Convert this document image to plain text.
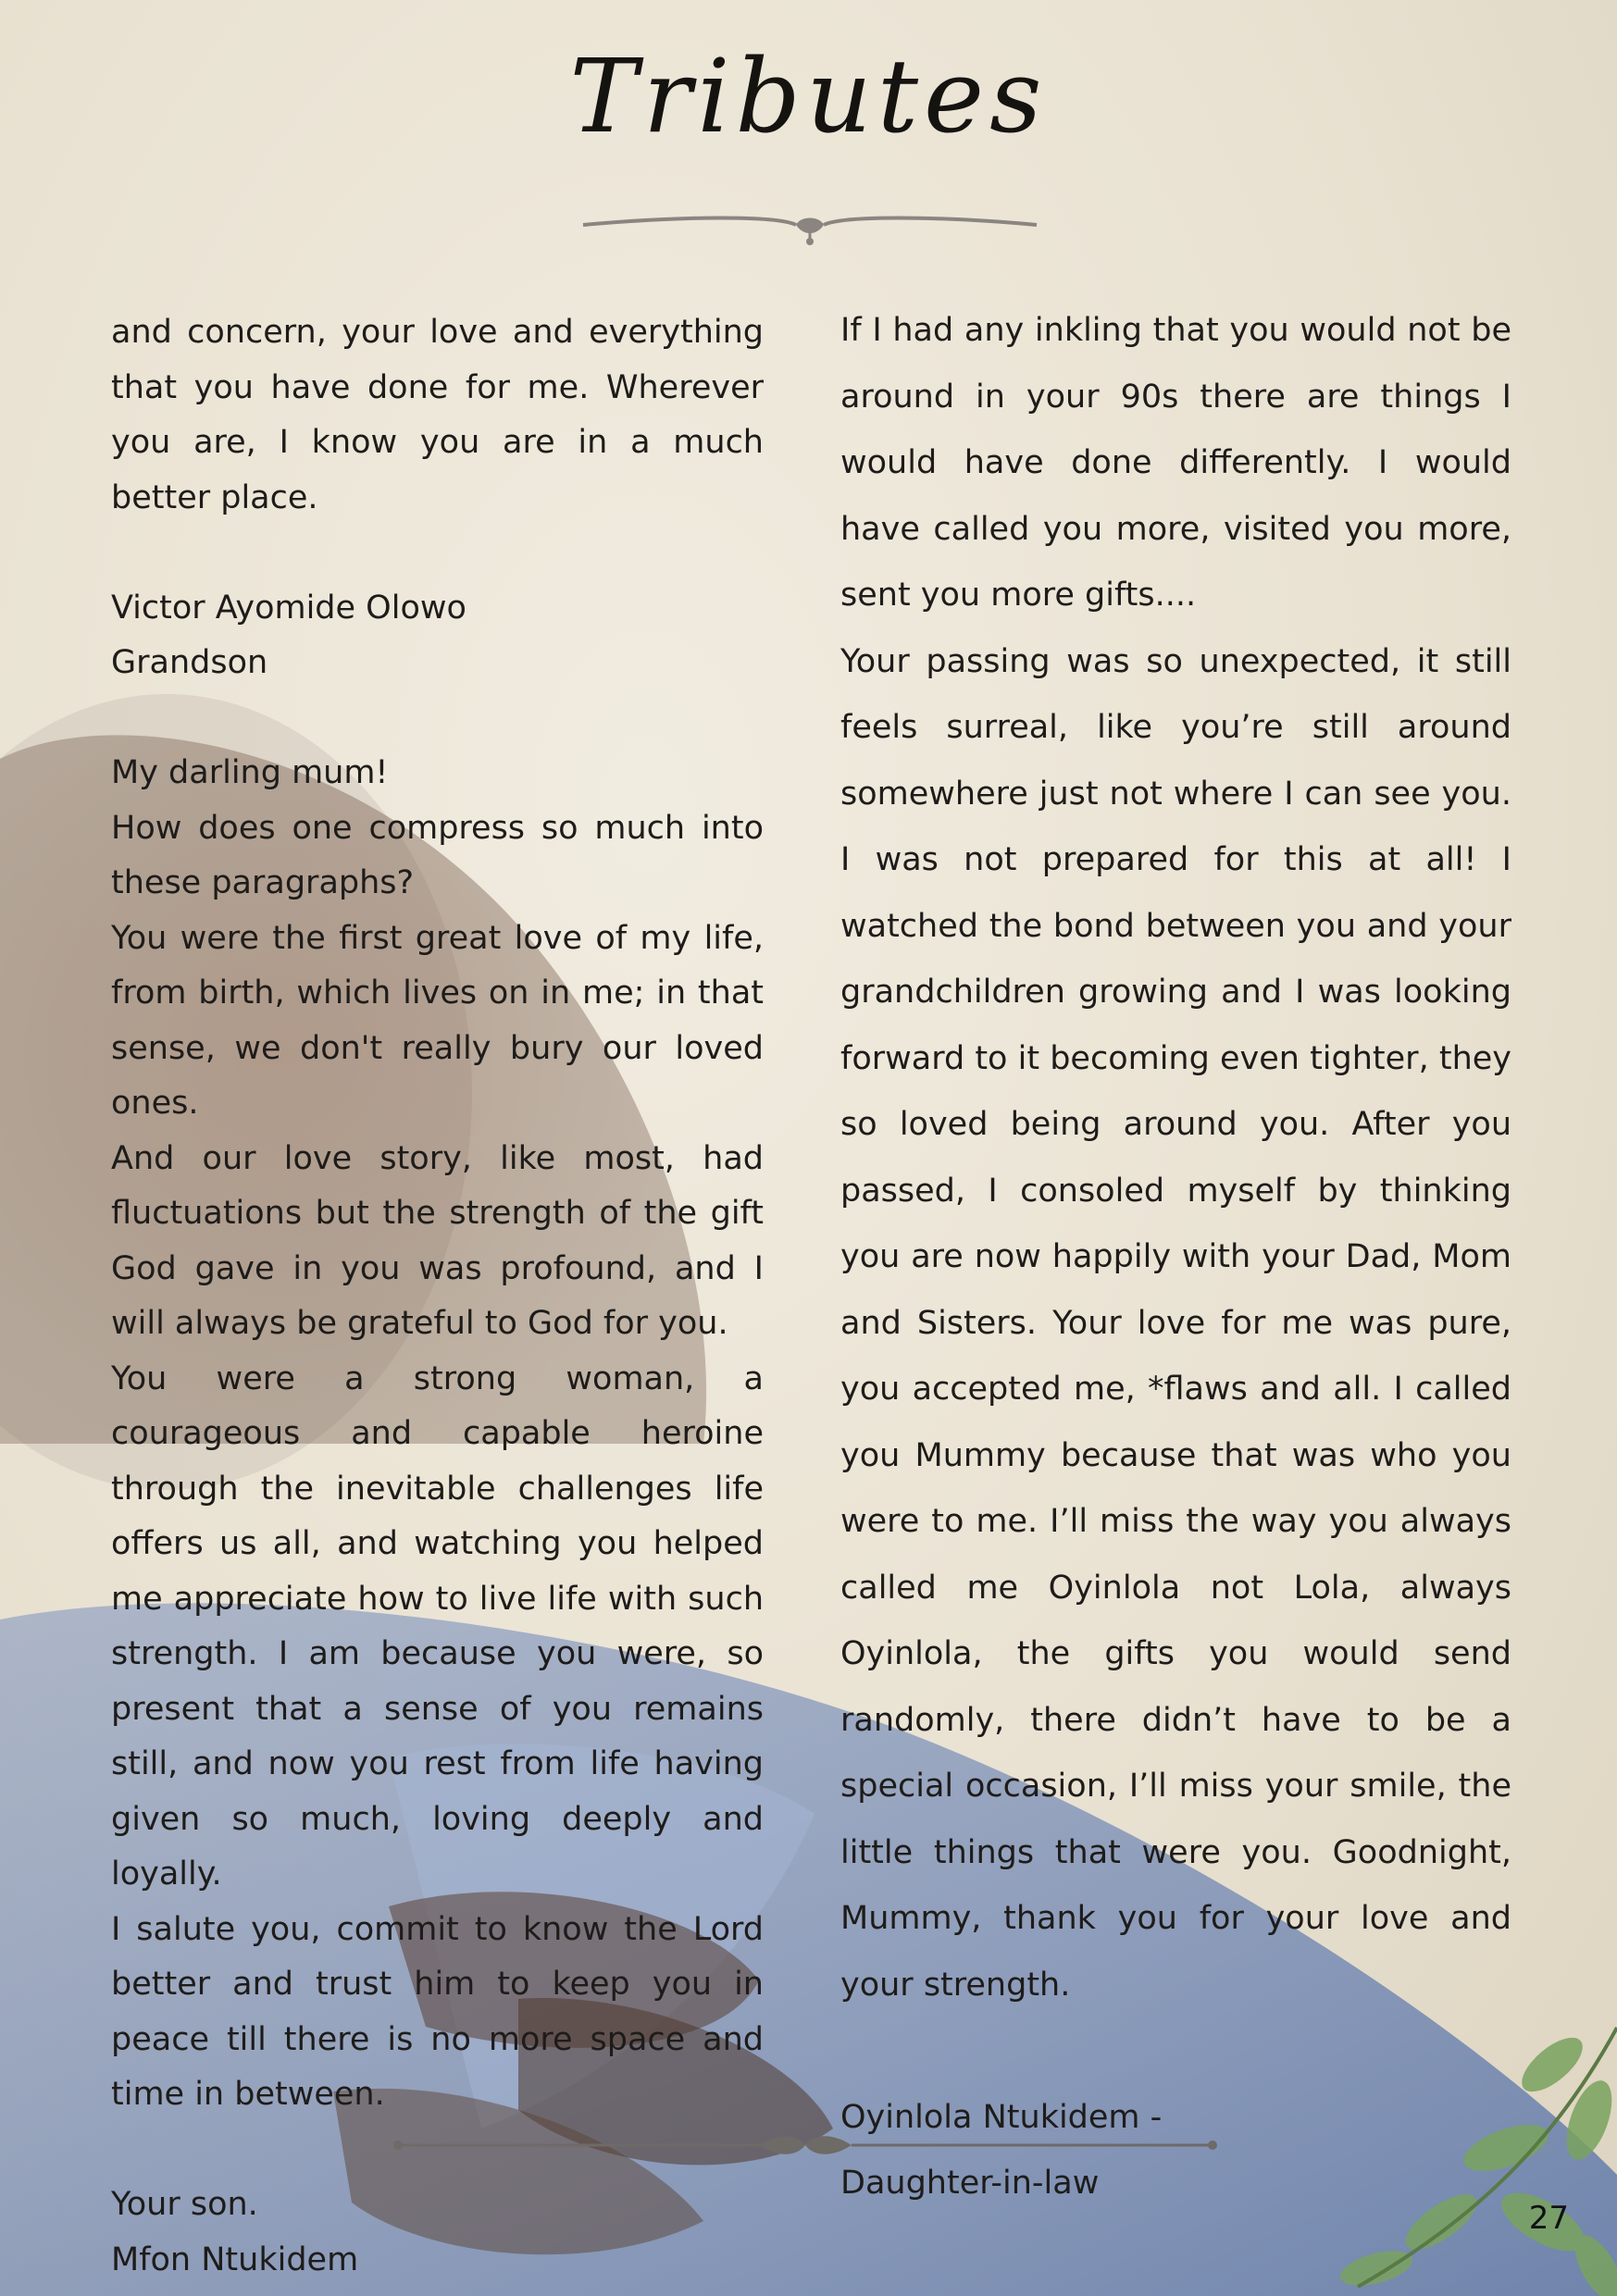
Tributes

and concern, your love and everything that you have done for me. Wherever you are, I know you are in a much better place.

Victor Ayomide Olowo

Grandson

My darling mum!

How does one compress so much into these paragraphs?

You were the first great love of my life, from birth, which lives on in me; in that sense, we don't really bury our loved ones.

And our love story, like most, had fluctuations but the strength of the gift God gave in you was profound, and I will always be grateful to God for you.

You were a strong woman, a courageous and capable heroine through the inevitable challenges life offers us all, and watching you helped me appreciate how to live life with such strength. I am because you were, so present that a sense of you remains still, and now you rest from life having given so much, loving deeply and loyally.

I salute you, commit to know the Lord better and trust him to keep you in peace till there is no more space and time in between.

Your son.

Mfon Ntukidem

If I had any inkling that you would not be around in your 90s there are things I would have done differently. I would have called you more, visited you more, sent you more gifts....

Your passing was so unexpected, it still feels surreal, like you’re still around somewhere just not where I can see you. I was not prepared for this at all! I watched the bond between you and your grandchildren growing and I was looking forward to it becoming even tighter, they so loved being around you. After you passed, I consoled myself by thinking you are now happily with your Dad, Mom and Sisters. Your love for me was pure, you accepted me, *flaws and all. I called you Mummy because that was who you were to me. I’ll miss the way you always called me Oyinlola not Lola, always Oyinlola, the gifts you would send randomly, there didn’t have to be a special occasion, I’ll miss your smile, the little things that were you. Goodnight, Mummy, thank you for your love and your strength.

Oyinlola Ntukidem -

Daughter-in-law

27
